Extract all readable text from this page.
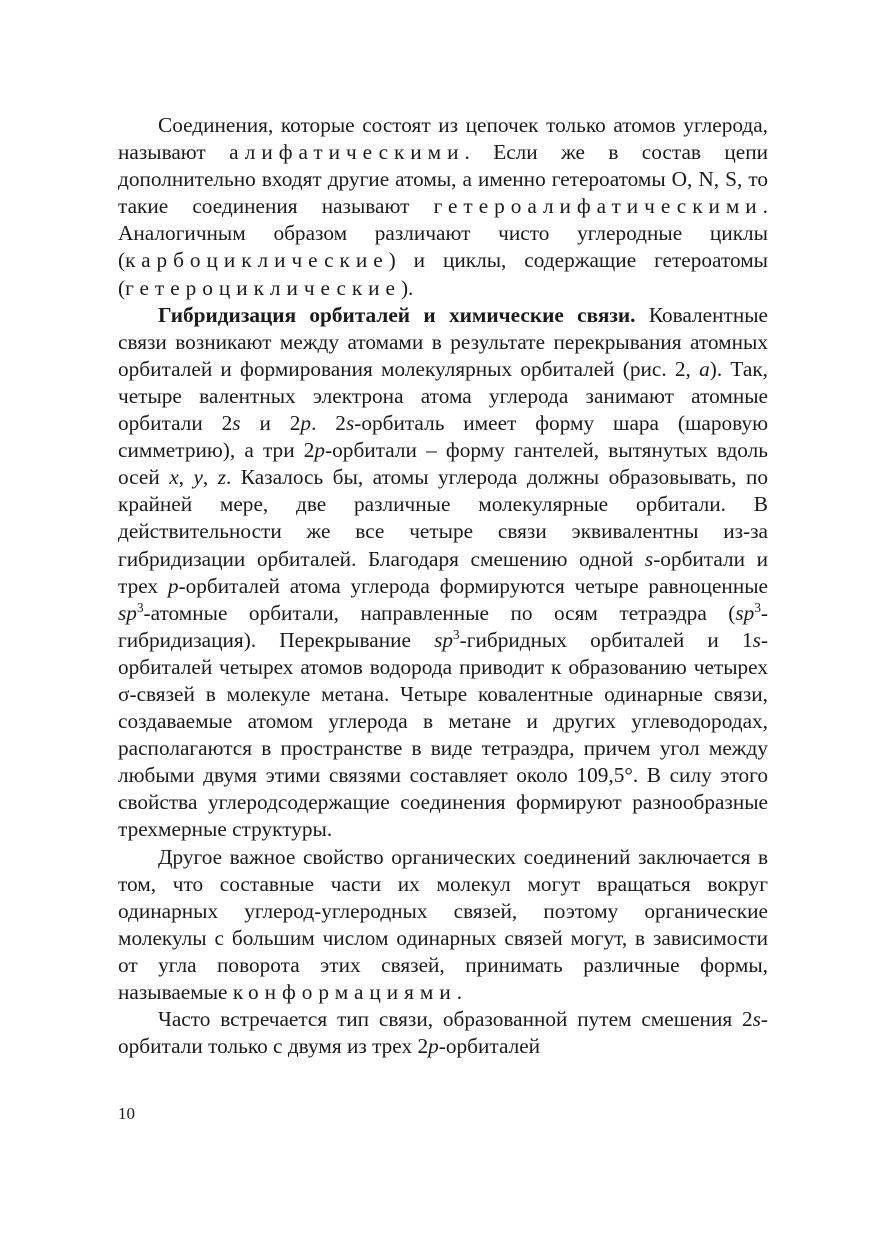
Соединения, которые состоят из цепочек только атомов углерода, называют алифатическими. Если же в состав цепи дополнительно входят другие атомы, а именно гетероатомы O, N, S, то такие соединения называют гетероалифатическими. Аналогичным образом различают чисто углеродные циклы (карбоциклические) и циклы, содержащие гетероатомы (гетероциклические).

Гибридизация орбиталей и химические связи. Ковалентные связи возникают между атомами в результате перекрывания атомных орбиталей и формирования молекулярных орбиталей (рис. 2, а). Так, четыре валентных электрона атома углерода занимают атомные орбитали 2s и 2p. 2s-орбиталь имеет форму шара (шаровую симметрию), а три 2p-орбитали – форму гантелей, вытянутых вдоль осей x, y, z. Казалось бы, атомы углерода должны образовывать, по крайней мере, две различные молекулярные орбитали. В действительности же все четыре связи эквивалентны из-за гибридизации орбиталей. Благодаря смешению одной s-орбитали и трех p-орбиталей атома углерода формируются четыре равноценные $sp^3$-атомные орбитали, направленные по осям тетраэдра $(sp^3-гибридизация)$. Перекрывание $sp^3$-гибридных орбиталей и 1s-орбиталей четырех атомов водорода приводит к образованию четырех σ-связей в молекуле метана. Четыре ковалентные одинарные связи, создаваемые атомом углерода в метане и других углеводородах, располагаются в пространстве в виде тетраэдра, причем угол между любыми двумя этими связями составляет около 109,5°. В силу этого свойства углеродсодержащие соединения формируют разнообразные трехмерные структуры.

Другое важное свойство органических соединений заключается в том, что составные части их молекул могут вращаться вокруг одинарных углерод-углеродных связей, поэтому органические молекулы с большим числом одинарных связей могут, в зависимости от угла поворота этих связей, принимать различные формы, называемые конформациями.

Часто встречается тип связи, образованной путем смешения 2s-орбитали только с двумя из трех 2p-орбиталей

10
